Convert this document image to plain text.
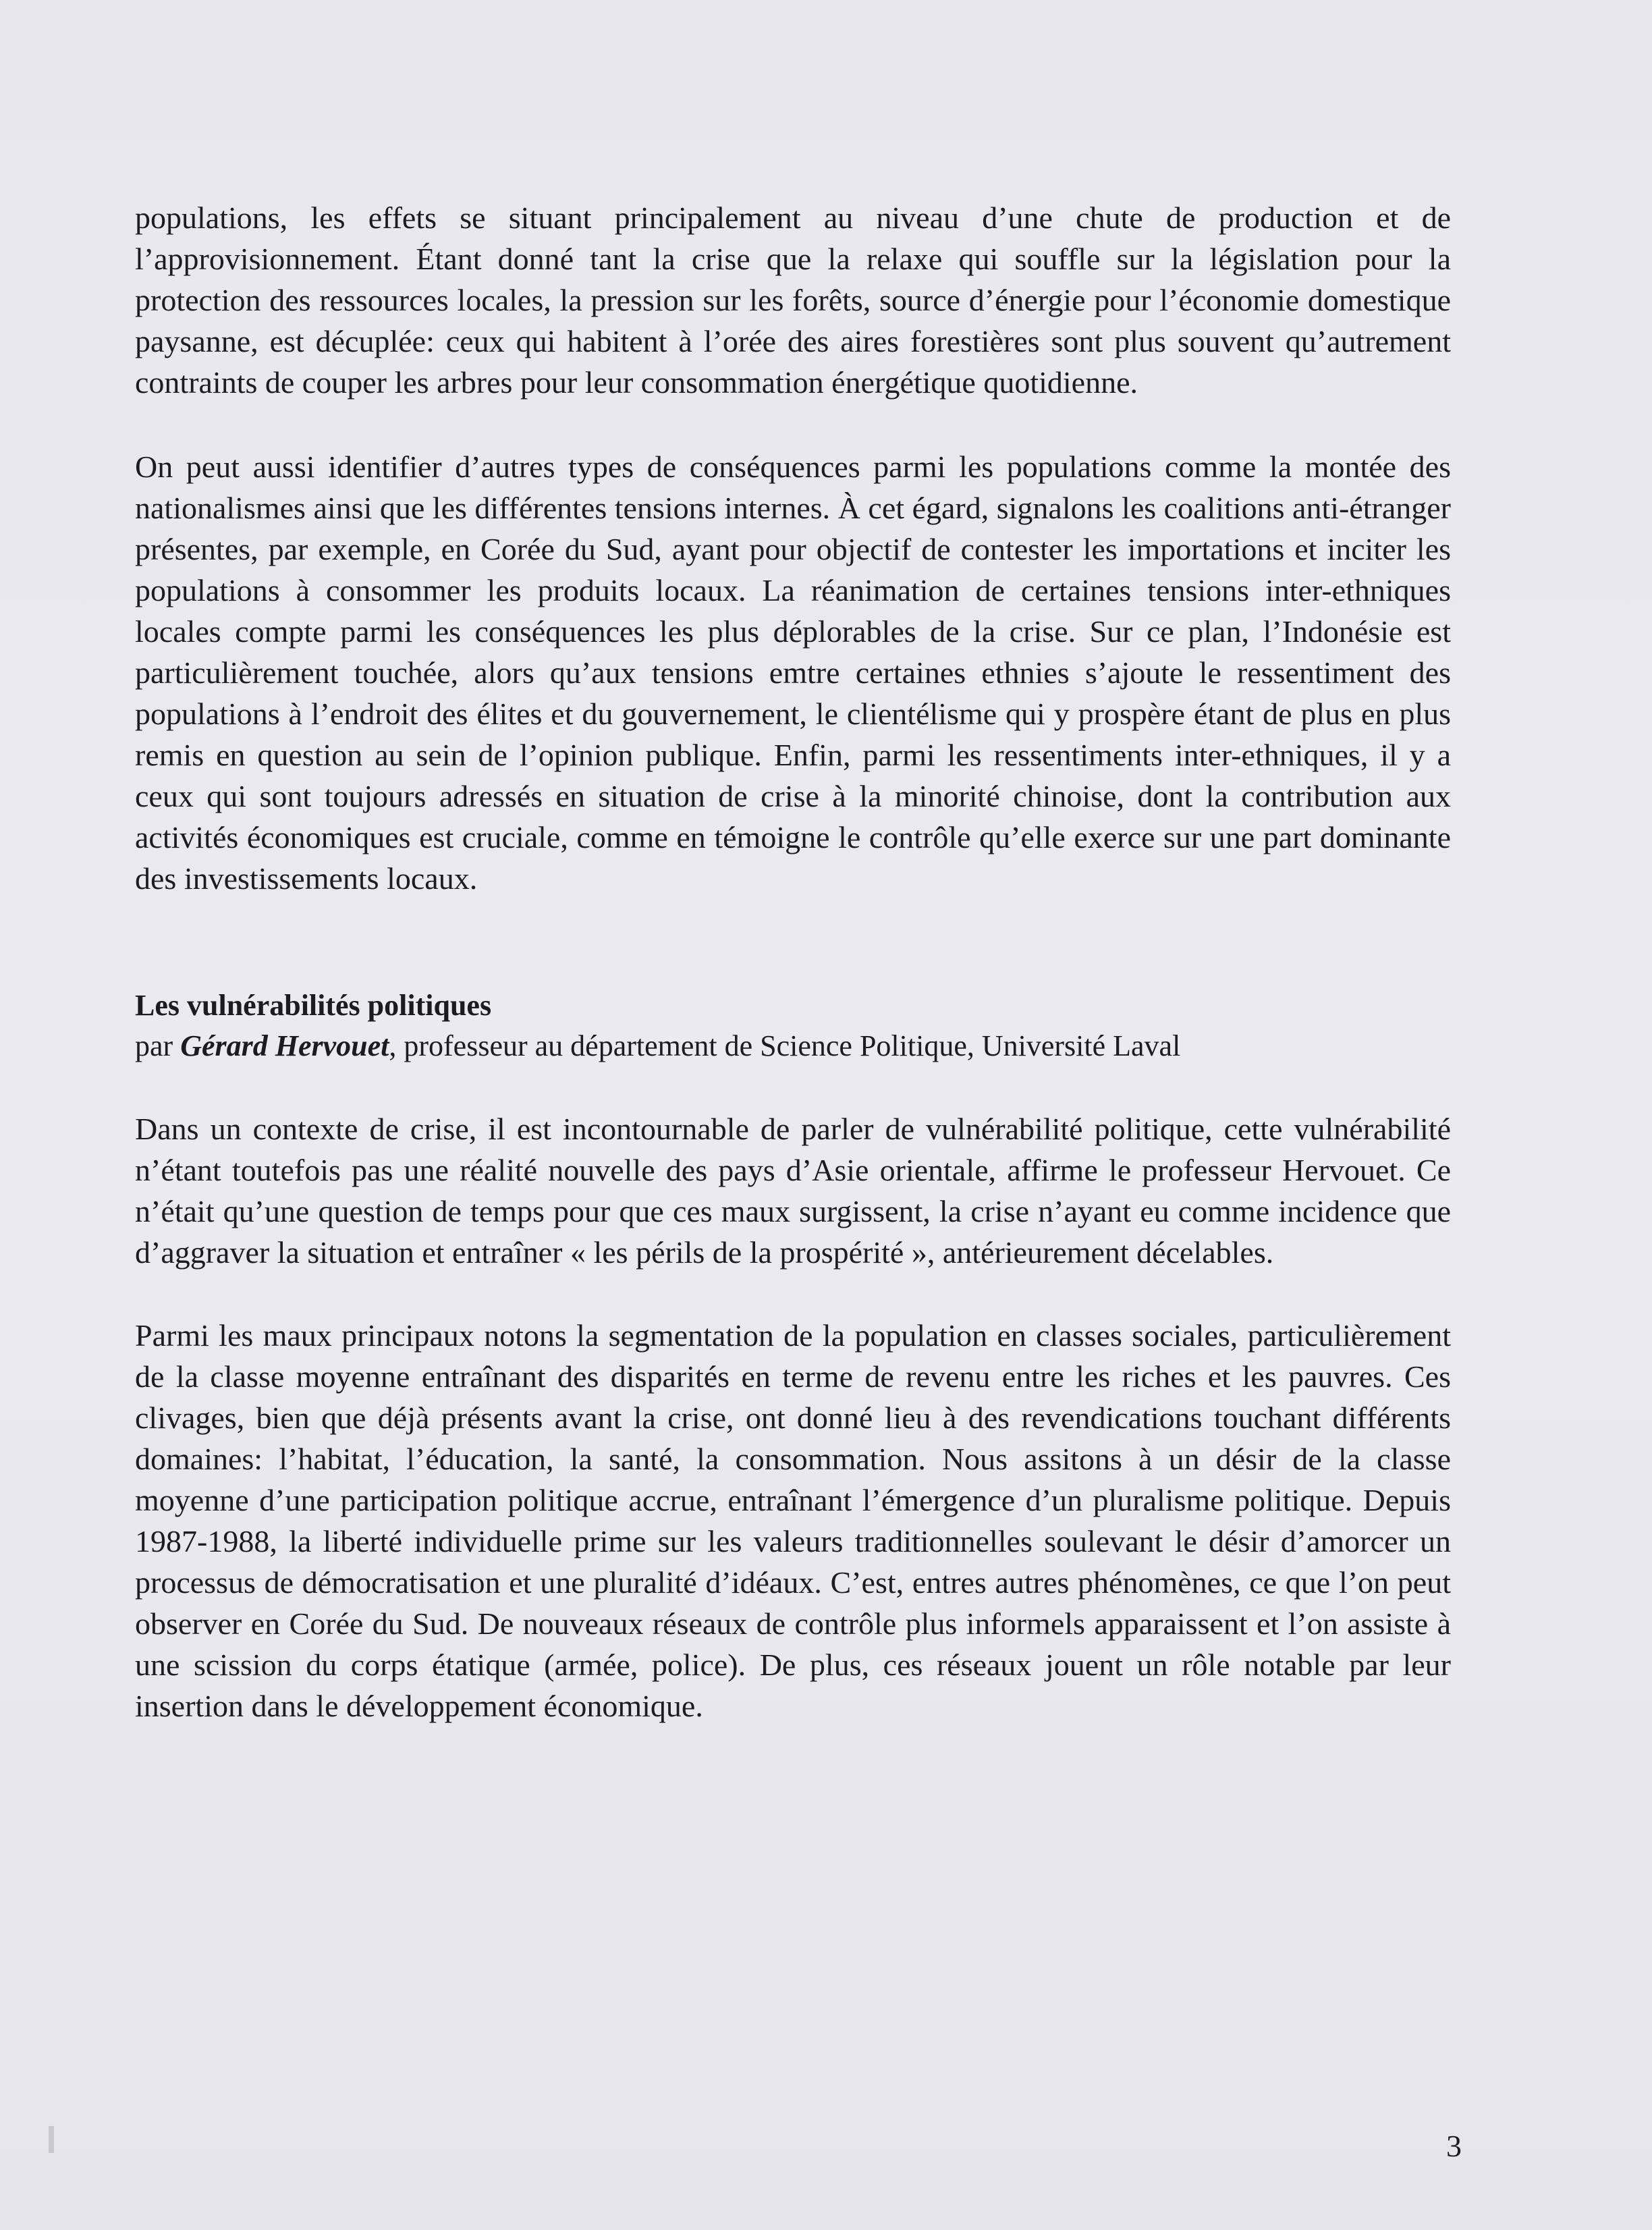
populations, les effets se situant principalement au niveau d’une chute de production et de l’approvisionnement. Étant donné tant la crise que la relaxe qui souffle sur la législation pour la protection des ressources locales, la pression sur les forêts, source d’énergie pour l’économie domestique paysanne, est décuplée: ceux qui habitent à l’orée des aires forestières sont plus souvent qu’autrement contraints de couper les arbres pour leur consommation énergétique quotidienne.

On peut aussi identifier d’autres types de conséquences parmi les populations comme la montée des nationalismes ainsi que les différentes tensions internes. À cet égard, signalons les coalitions anti-étranger présentes, par exemple, en Corée du Sud, ayant pour objectif de contester les importations et inciter les populations à consommer les produits locaux. La réanimation de certaines tensions inter-ethniques locales compte parmi les conséquences les plus déplorables de la crise. Sur ce plan, l’Indonésie est particulièrement touchée, alors qu’aux tensions emtre certaines ethnies s’ajoute le ressentiment des populations à l’endroit des élites et du gouvernement, le clientélisme qui y prospère étant de plus en plus remis en question au sein de l’opinion publique. Enfin, parmi les ressentiments inter-ethniques, il y a ceux qui sont toujours adressés en situation de crise à la minorité chinoise, dont la contribution aux activités économiques est cruciale, comme en témoigne le contrôle qu’elle exerce sur une part dominante des investissements locaux.

Les vulnérabilités politiques

par Gérard Hervouet, professeur au département de Science Politique, Université Laval

Dans un contexte de crise, il est incontournable de parler de vulnérabilité politique, cette vulnérabilité n’étant toutefois pas une réalité nouvelle des pays d’Asie orientale, affirme le professeur Hervouet. Ce n’était qu’une question de temps pour que ces maux surgissent, la crise n’ayant eu comme incidence que d’aggraver la situation et entraîner « les périls de la prospérité », antérieurement décelables.

Parmi les maux principaux notons la segmentation de la population en classes sociales, particulièrement de la classe moyenne entraînant des disparités en terme de revenu entre les riches et les pauvres. Ces clivages, bien que déjà présents avant la crise, ont donné lieu à des revendications touchant différents domaines: l’habitat, l’éducation, la santé, la consommation. Nous assitons à un désir de la classe moyenne d’une participation politique accrue, entraînant l’émergence d’un pluralisme politique. Depuis 1987-1988, la liberté individuelle prime sur les valeurs traditionnelles soulevant le désir d’amorcer un processus de démocratisation et une pluralité d’idéaux. C’est, entres autres phénomènes, ce que l’on peut observer en Corée du Sud. De nouveaux réseaux de contrôle plus informels apparaissent et l’on assiste à une scission du corps étatique (armée, police). De plus, ces réseaux jouent un rôle notable par leur insertion dans le développement économique.

3
